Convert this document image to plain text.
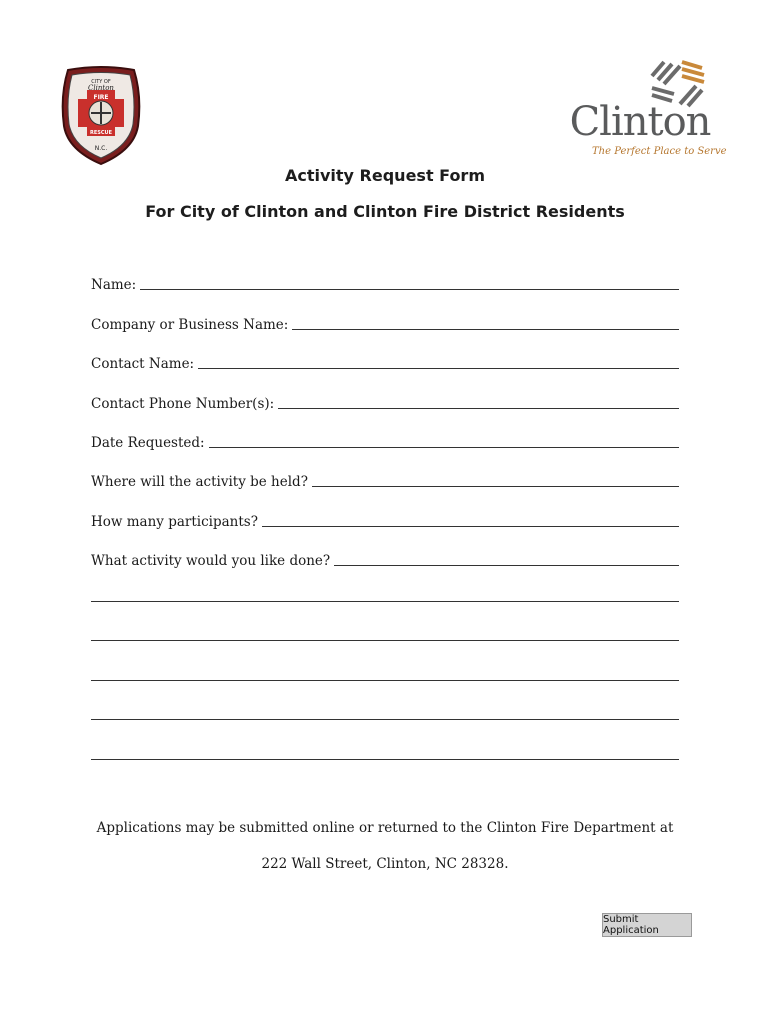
CITY OF
Clinton
FIRE
RESCUE
N.C.
Clinton
The Perfect Place to Serve
Activity Request Form
For City of Clinton and Clinton Fire District Residents
Name:
Company or Business Name:
Contact Name:
Contact Phone Number(s):
Date Requested:
Where will the activity be held?
How many participants?
What activity would you like done?
Applications may be submitted online or returned to the Clinton Fire Department at
222 Wall Street, Clinton, NC 28328.
Submit Application
